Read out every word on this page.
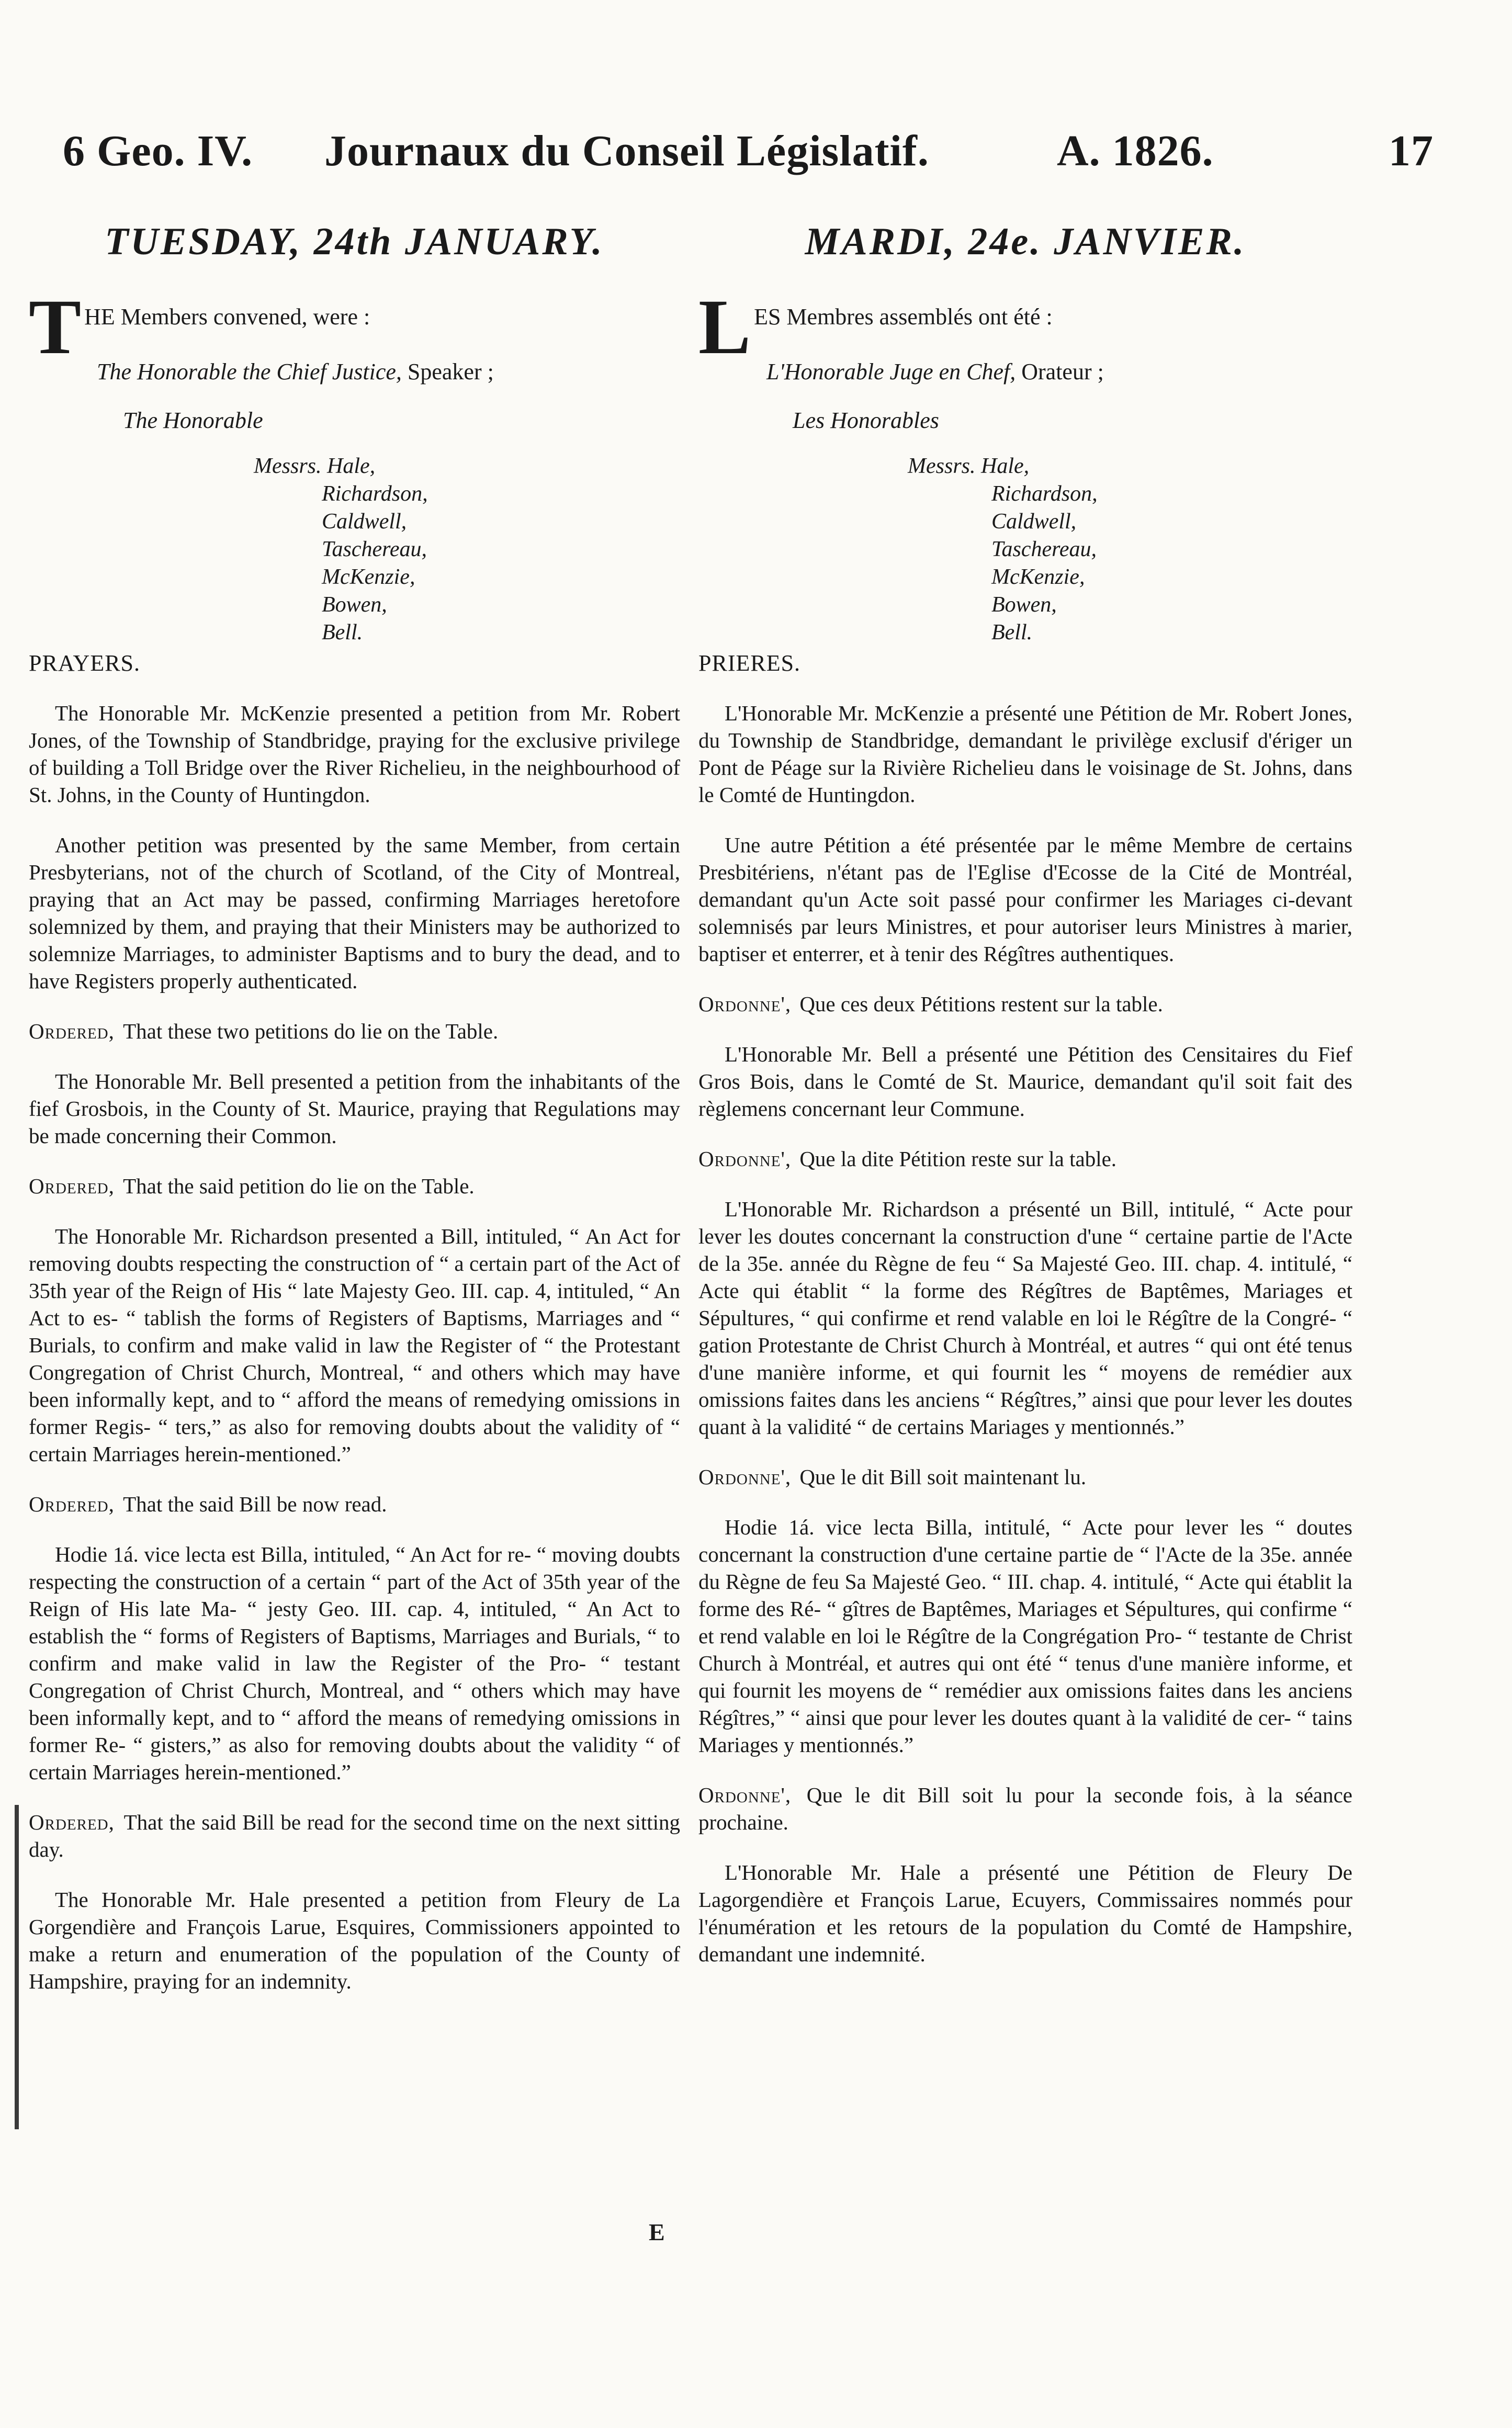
6 Geo. IV. Journaux du Conseil Législatif.	A. 1826.	17
TUESDAY, 24th JANUARY.
T HE Members convened, were :
The Honorable the Chief Justice, Speaker ;
The Honorable
Messrs. Hale,
Richardson,
Caldwell,
Taschereau,
McKenzie,
Bowen,
Bell.
PRAYERS.

The Honorable Mr. McKenzie presented a petition from Mr. Robert Jones, of the Township of Standbridge, praying for the exclusive privilege of building a Toll Bridge over the River Richelieu, in the neighbourhood of St. Johns, in the County of Huntingdon.

Another petition was presented by the same Member, from certain Presbyterians, not of the church of Scotland, of the City of Montreal, praying that an Act may be passed, confirming Marriages heretofore solemnized by them, and praying that their Ministers may be authorized to solemnize Marriages, to administer Baptisms and to bury the dead, and to have Registers properly authenticated.

Ordered, That these two petitions do lie on the Table.

The Honorable Mr. Bell presented a petition from the inhabitants of the fief Grosbois, in the County of St. Maurice, praying that Regulations may be made concerning their Common.

Ordered, That the said petition do lie on the Table.

The Honorable Mr. Richardson presented a Bill, intituled, “ An Act for removing doubts respecting the construction of “ a certain part of the Act of 35th year of the Reign of His “ late Majesty Geo. III. cap. 4, intituled, “ An Act to es- “ tablish the forms of Registers of Baptisms, Marriages and “ Burials, to confirm and make valid in law the Register of “ the Protestant Congregation of Christ Church, Montreal, “ and others which may have been informally kept, and to “ afford the means of remedying omissions in former Regis- “ ters,” as also for removing doubts about the validity of “ certain Marriages herein-mentioned.”

Ordered, That the said Bill be now read.

Hodie 1á. vice lecta est Billa, intituled, “ An Act for re- “ moving doubts respecting the construction of a certain “ part of the Act of 35th year of the Reign of His late Ma- “ jesty Geo. III. cap. 4, intituled, “ An Act to establish the “ forms of Registers of Baptisms, Marriages and Burials, “ to confirm and make valid in law the Register of the Pro- “ testant Congregation of Christ Church, Montreal, and “ others which may have been informally kept, and to “ afford the means of remedying omissions in former Re- “ gisters,” as also for removing doubts about the validity “ of certain Marriages herein-mentioned.”

Ordered, That the said Bill be read for the second time on the next sitting day.

The Honorable Mr. Hale presented a petition from Fleury de La Gorgendière and François Larue, Esquires, Commissioners appointed to make a return and enumeration of the population of the County of Hampshire, praying for an indemnity.

MARDI, 24e. JANVIER.
L ES Membres assemblés ont été :
L'Honorable Juge en Chef, Orateur ;
Les Honorables
Messrs. Hale,
Richardson,
Caldwell,
Taschereau,
McKenzie,
Bowen,
Bell.
PRIERES.

L'Honorable Mr. McKenzie a présenté une Pétition de Mr. Robert Jones, du Township de Standbridge, demandant le privilège exclusif d'ériger un Pont de Péage sur la Rivière Richelieu dans le voisinage de St. Johns, dans le Comté de Huntingdon.

Une autre Pétition a été présentée par le même Membre de certains Presbitériens, n'étant pas de l'Eglise d'Ecosse de la Cité de Montréal, demandant qu'un Acte soit passé pour confirmer les Mariages ci-devant solemnisés par leurs Ministres, et pour autoriser leurs Ministres à marier, baptiser et enterrer, et à tenir des Régîtres authentiques.

Ordonne', Que ces deux Pétitions restent sur la table.

L'Honorable Mr. Bell a présenté une Pétition des Censitaires du Fief Gros Bois, dans le Comté de St. Maurice, demandant qu'il soit fait des règlemens concernant leur Commune.

Ordonne', Que la dite Pétition reste sur la table.

L'Honorable Mr. Richardson a présenté un Bill, intitulé, “ Acte pour lever les doutes concernant la construction d'une “ certaine partie de l'Acte de la 35e. année du Règne de feu “ Sa Majesté Geo. III. chap. 4. intitulé, “ Acte qui établit “ la forme des Régîtres de Baptêmes, Mariages et Sépultures, “ qui confirme et rend valable en loi le Régître de la Congré- “ gation Protestante de Christ Church à Montréal, et autres “ qui ont été tenus d'une manière informe, et qui fournit les “ moyens de remédier aux omissions faites dans les anciens “ Régîtres,” ainsi que pour lever les doutes quant à la validité “ de certains Mariages y mentionnés.”

Ordonne', Que le dit Bill soit maintenant lu.

Hodie 1á. vice lecta Billa, intitulé, “ Acte pour lever les “ doutes concernant la construction d'une certaine partie de “ l'Acte de la 35e. année du Règne de feu Sa Majesté Geo. “ III. chap. 4. intitulé, “ Acte qui établit la forme des Ré- “ gîtres de Baptêmes, Mariages et Sépultures, qui confirme “ et rend valable en loi le Régître de la Congrégation Pro- “ testante de Christ Church à Montréal, et autres qui ont été “ tenus d'une manière informe, et qui fournit les moyens de “ remédier aux omissions faites dans les anciens Régîtres,” “ ainsi que pour lever les doutes quant à la validité de cer- “ tains Mariages y mentionnés.”

Ordonne', Que le dit Bill soit lu pour la seconde fois, à la séance prochaine.

L'Honorable Mr. Hale a présenté une Pétition de Fleury De Lagorgendière et François Larue, Ecuyers, Commissaires nommés pour l'énumération et les retours de la population du Comté de Hampshire, demandant une indemnité.

E
